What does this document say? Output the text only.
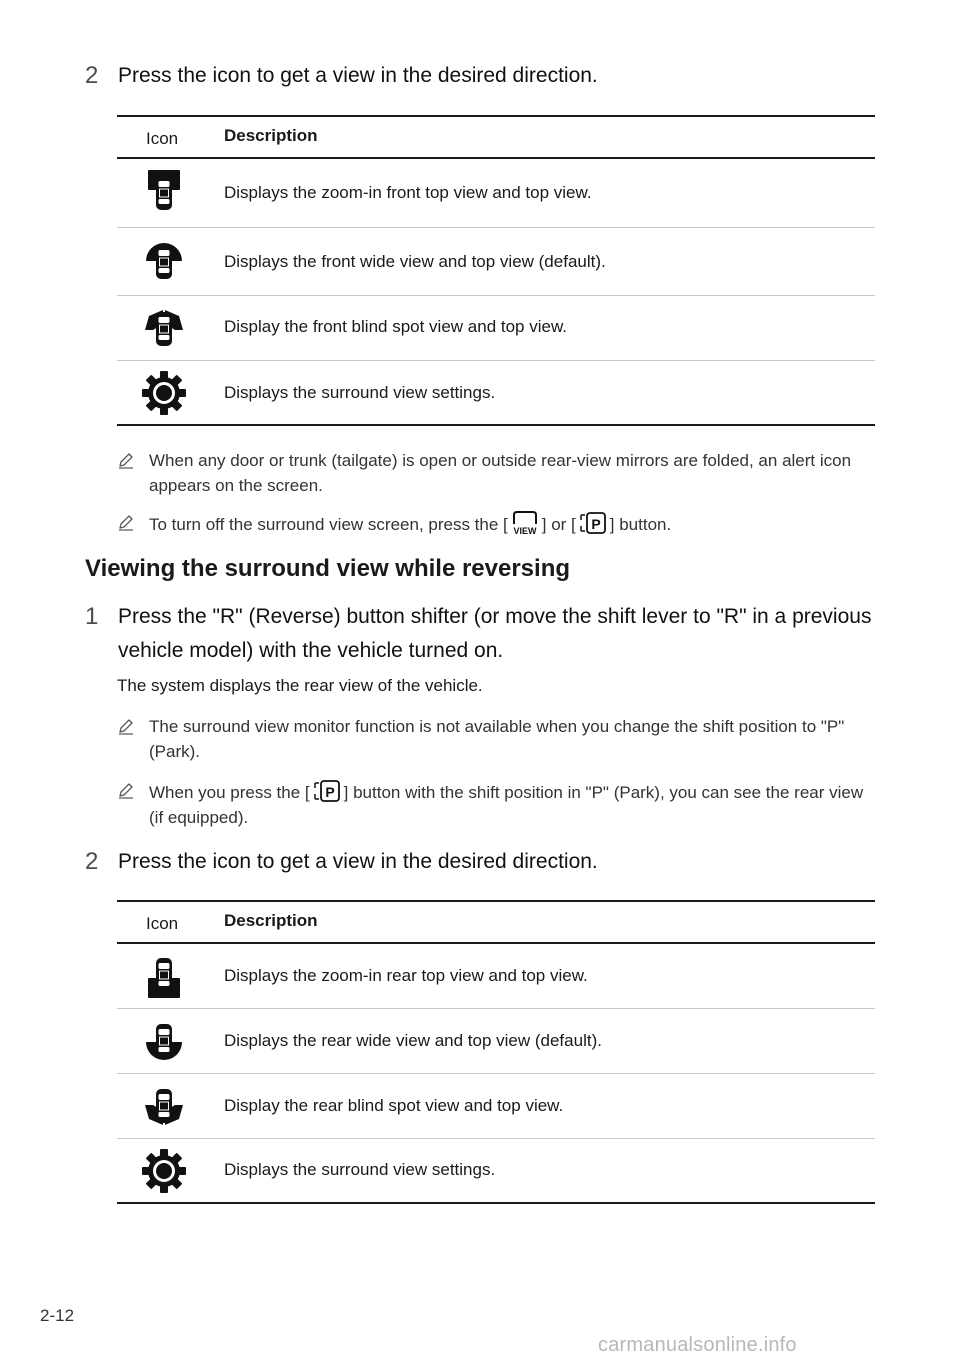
2 Press the icon to get a view in the desired direction.
Icon	Description
Displays the zoom-in front top view and top view.
Displays the front wide view and top view (default).
Display the front blind spot view and top view.
Displays the surround view settings.
When any door or trunk (tailgate) is open or outside rear-view mirrors are folded, an alert icon appears on the screen.
To turn off the surround view screen, press the [ VIEW ] or [ P ] button.
Viewing the surround view while reversing
1 Press the "R" (Reverse) button shifter (or move the shift lever to "R" in a previous vehicle model) with the vehicle turned on.
The system displays the rear view of the vehicle.
The surround view monitor function is not available when you change the shift position to "P" (Park).
When you press the [ P ] button with the shift position in "P" (Park), you can see the rear view (if equipped).
2 Press the icon to get a view in the desired direction.
Icon	Description
Displays the zoom-in rear top view and top view.
Displays the rear wide view and top view (default).
Display the rear blind spot view and top view.
Displays the surround view settings.
2-12
carmanualsonline.info
